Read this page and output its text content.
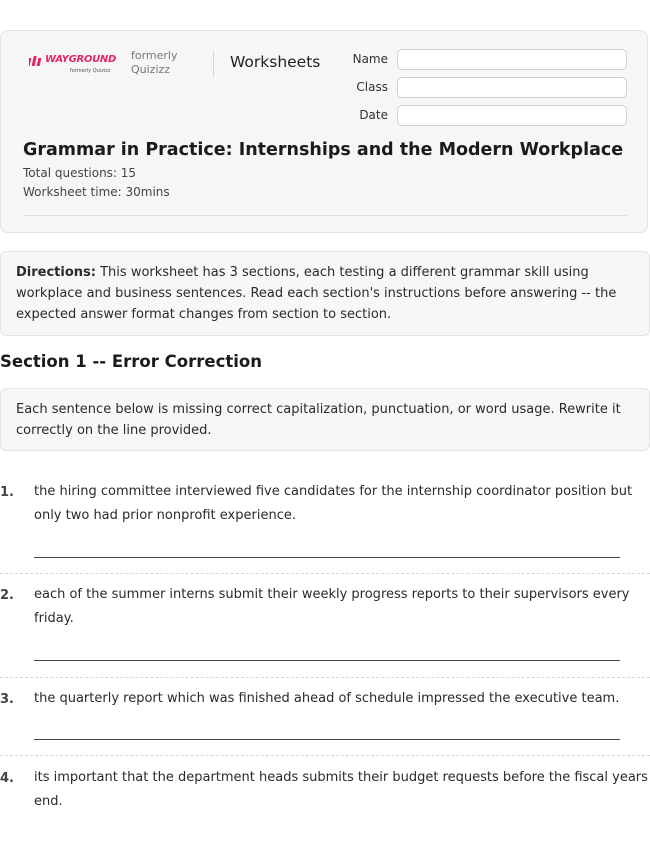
WAYGROUND
formerly Quizizz
formerly Quizizz	Worksheets	Name
Class
Date
Grammar in Practice: Internships and the Modern Workplace
Total questions: 15
Worksheet time: 30mins
Directions: This worksheet has 3 sections, each testing a different grammar skill using workplace and business sentences. Read each section's instructions before answering -- the expected answer format changes from section to section.
Section 1 -- Error Correction
Each sentence below is missing correct capitalization, punctuation, or word usage. Rewrite it correctly on the line provided.
1. the hiring committee interviewed five candidates for the internship coordinator position but only two had prior nonprofit experience.
2. each of the summer interns submit their weekly progress reports to their supervisors every friday.
3. the quarterly report which was finished ahead of schedule impressed the executive team.
4. its important that the department heads submits their budget requests before the fiscal years end.
